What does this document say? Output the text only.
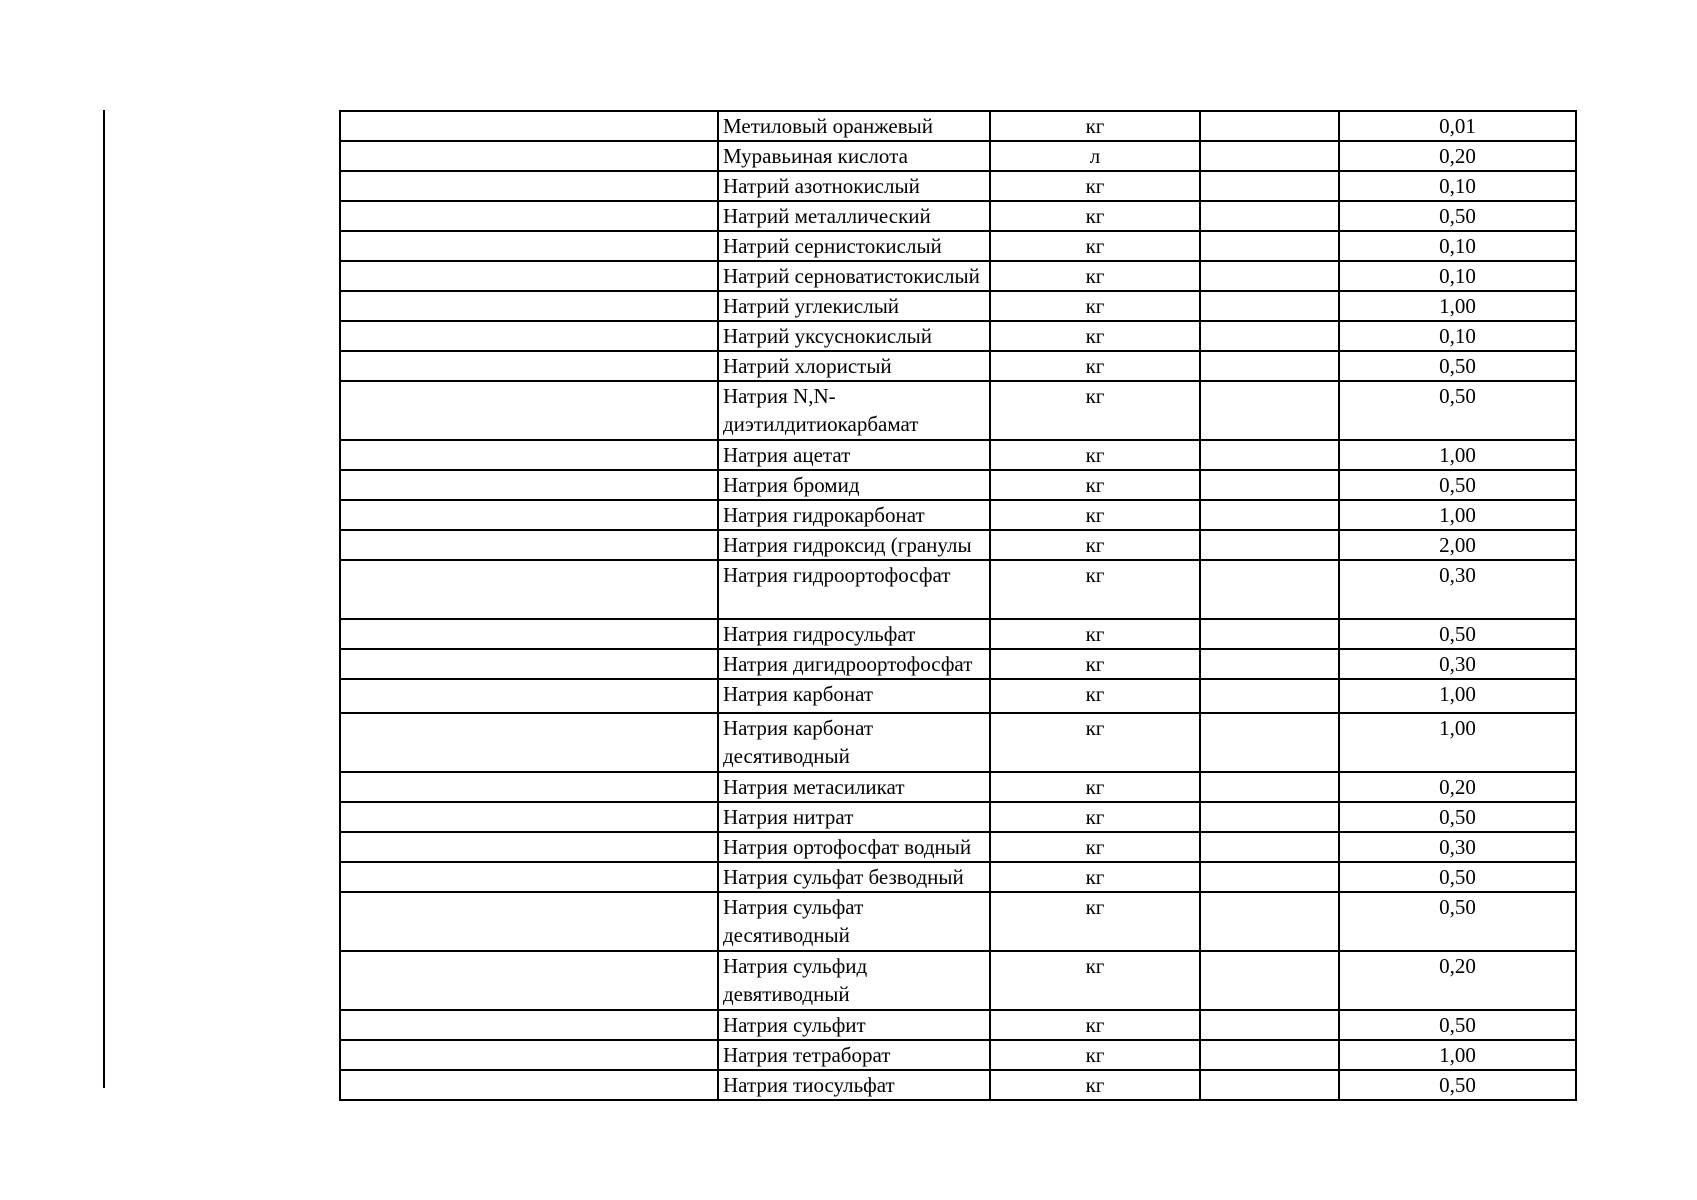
	Метиловый оранжевый	кг		0,01
	Муравьиная кислота	л		0,20
	Натрий азотнокислый	кг		0,10
	Натрий металлический	кг		0,50
	Натрий сернистокислый	кг		0,10
	Натрий серноватистокислый	кг		0,10
	Натрий углекислый	кг		1,00
	Натрий уксуснокислый	кг		0,10
	Натрий хлористый	кг		0,50
	Натрия N,N-диэтилдитиокарбамат	кг		0,50
	Натрия ацетат	кг		1,00
	Натрия бромид	кг		0,50
	Натрия гидрокарбонат	кг		1,00
	Натрия гидроксид (гранулы	кг		2,00
	Натрия гидроортофосфат	кг		0,30
	Натрия гидросульфат	кг		0,50
	Натрия дигидроортофосфат	кг		0,30
	Натрия карбонат	кг		1,00
	Натрия карбонат десятиводный	кг		1,00
	Натрия метасиликат	кг		0,20
	Натрия нитрат	кг		0,50
	Натрия ортофосфат водный	кг		0,30
	Натрия сульфат безводный	кг		0,50
	Натрия сульфат десятиводный	кг		0,50
	Натрия сульфид девятиводный	кг		0,20
	Натрия сульфит	кг		0,50
	Натрия тетраборат	кг		1,00
	Натрия тиосульфат	кг		0,50
